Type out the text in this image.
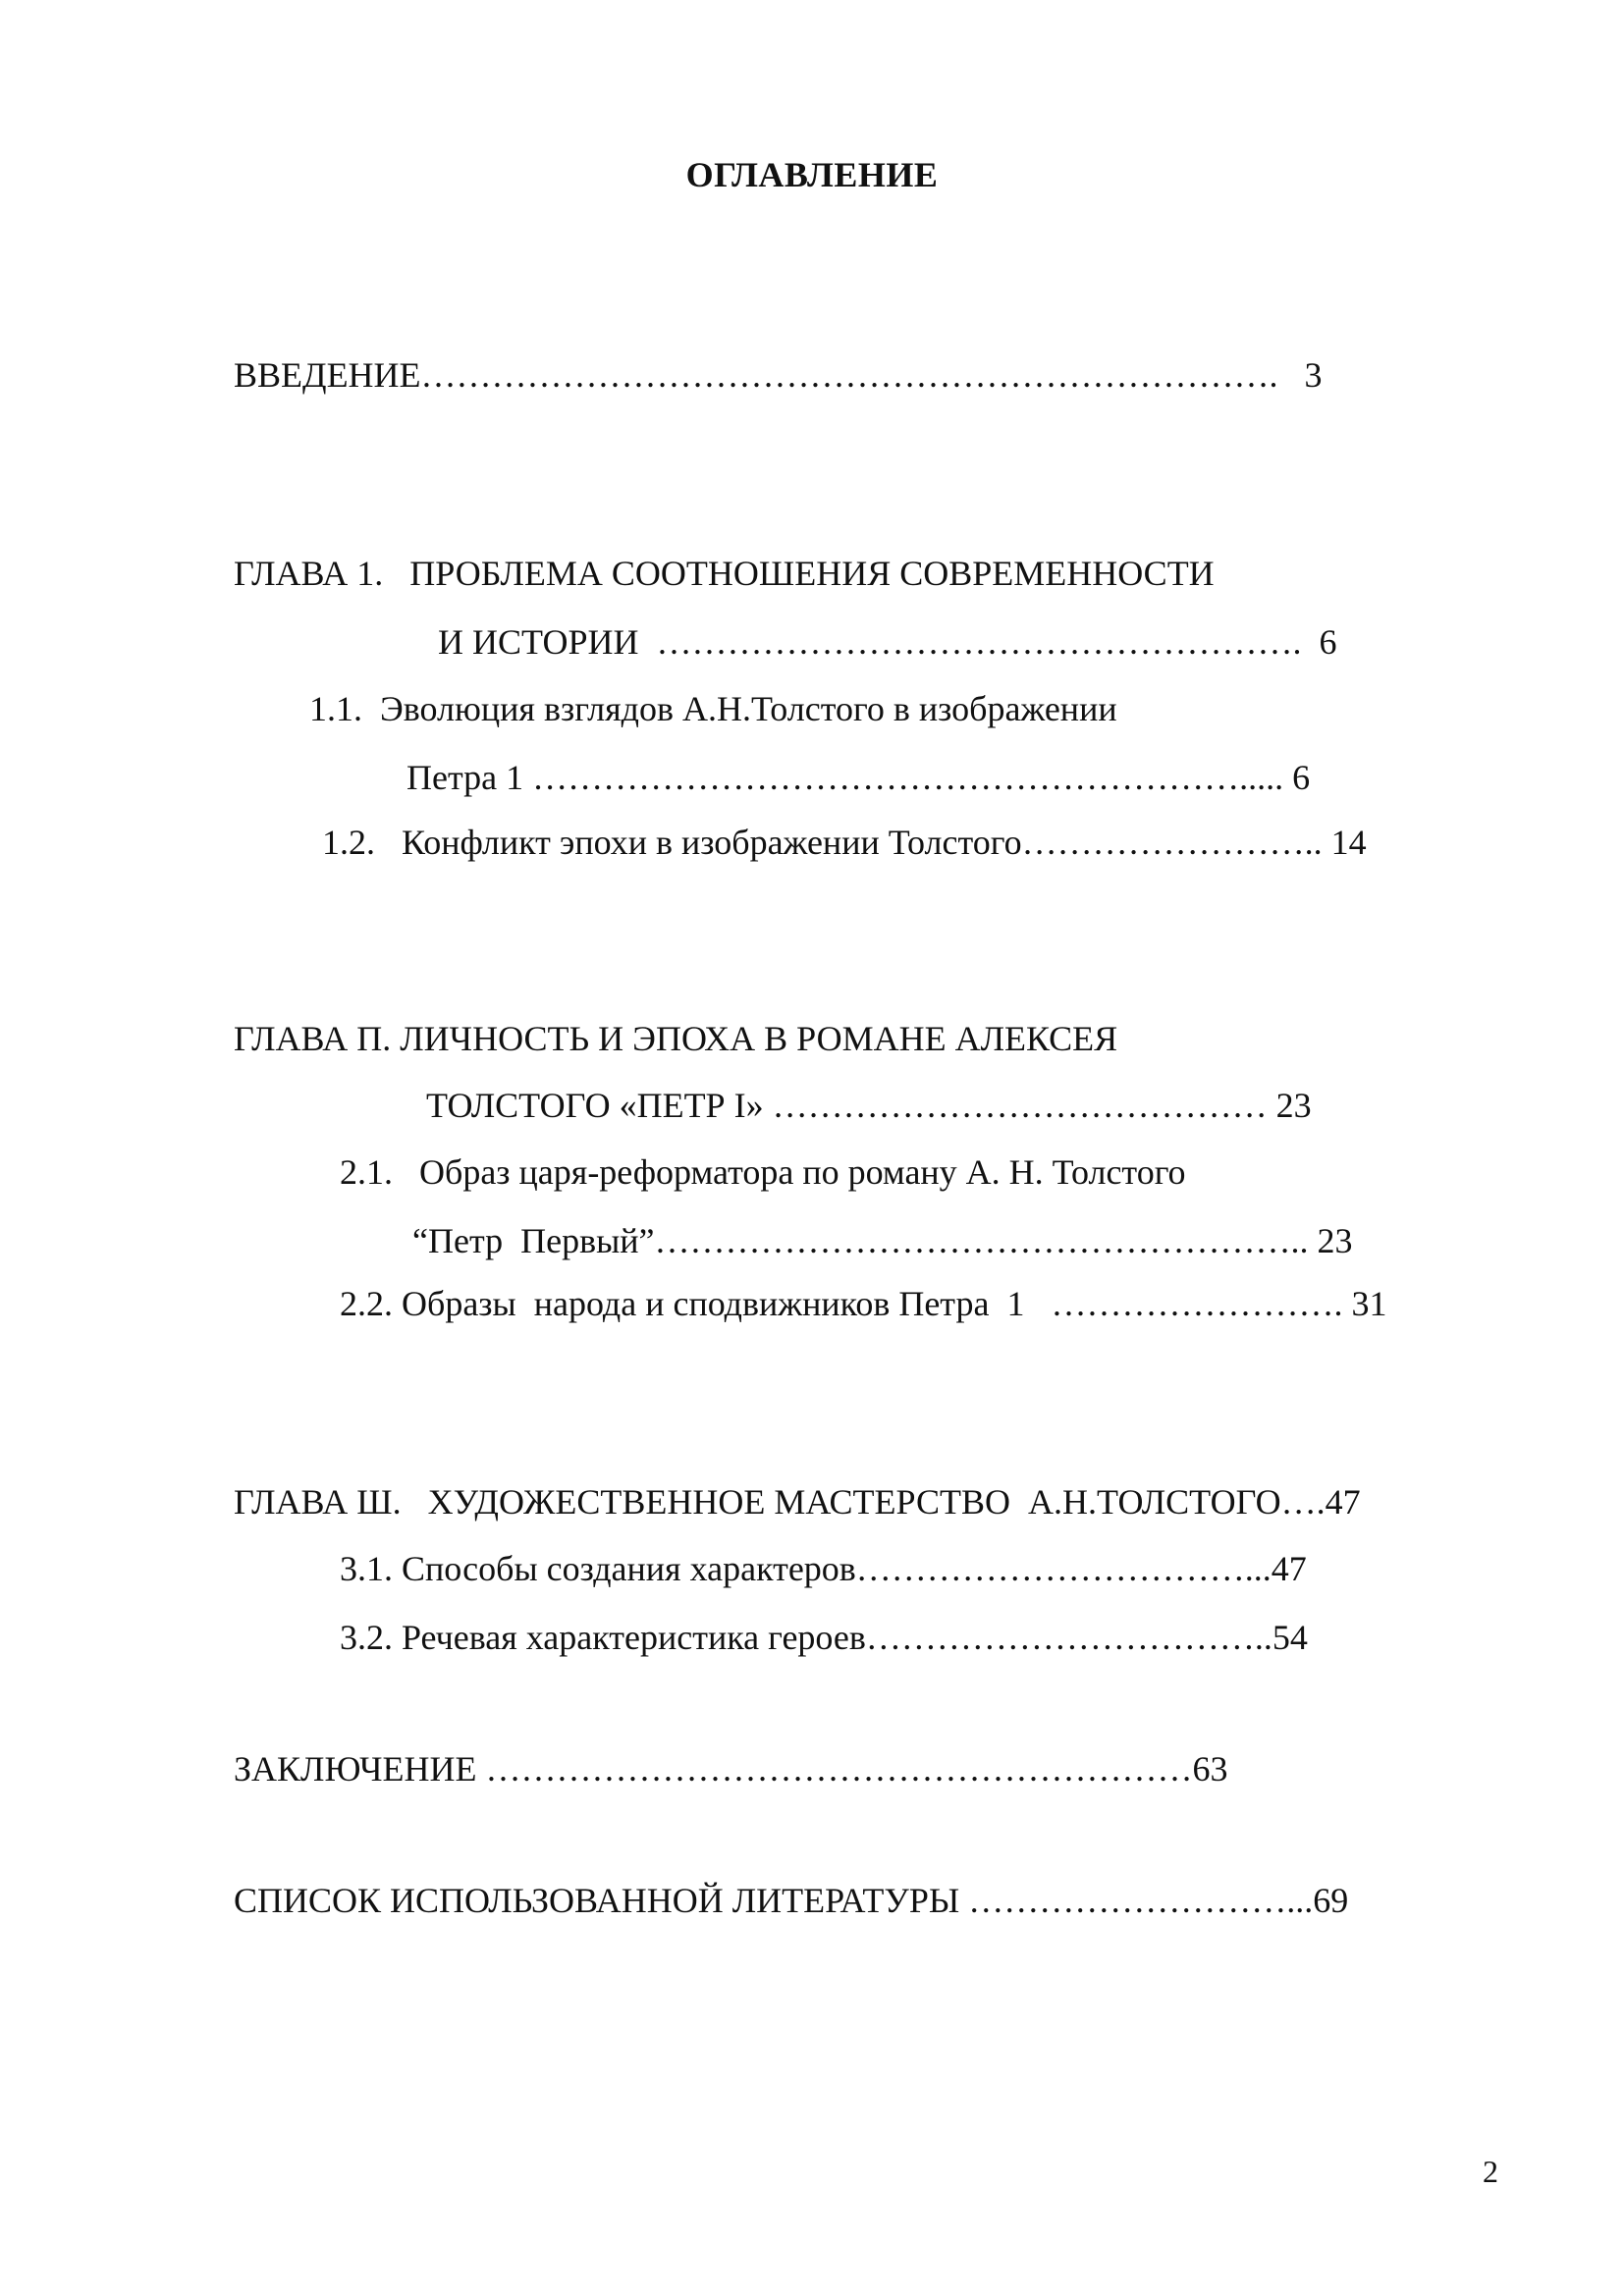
ОГЛАВЛЕНИЕ
ВВЕДЕНИЕ……………………………………………………………….   3
ГЛАВА 1.   ПРОБЛЕМА СООТНОШЕНИЯ СОВРЕМЕННОСТИ
И ИСТОРИИ  ……………………………………………….  6
1.1.  Эволюция взглядов А.Н.Толстого в изображении
Петра 1 ……………………………………………………..... 6
1.2.   Конфликт эпохи в изображении Толстого…………………….. 14
ГЛАВА П. ЛИЧНОСТЬ И ЭПОХА В РОМАНЕ АЛЕКСЕЯ
ТОЛСТОГО «ПЕТР I» …………………………………… 23
2.1.   Образ царя-реформатора по роману А. Н. Толстого
“Петр  Первый”……………………………………………….. 23
2.2. Образы  народа и сподвижников Петра  1   ……………………. 31
ГЛАВА Ш.   ХУДОЖЕСТВЕННОЕ МАСТЕРСТВО  А.Н.ТОЛСТОГО….47
3.1. Способы создания характеров……………………………...47
3.2. Речевая характеристика героев……………………………..54
ЗАКЛЮЧЕНИЕ ……………………………………………………63
СПИСОК ИСПОЛЬЗОВАННОЙ ЛИТЕРАТУРЫ ………………………...69
2
